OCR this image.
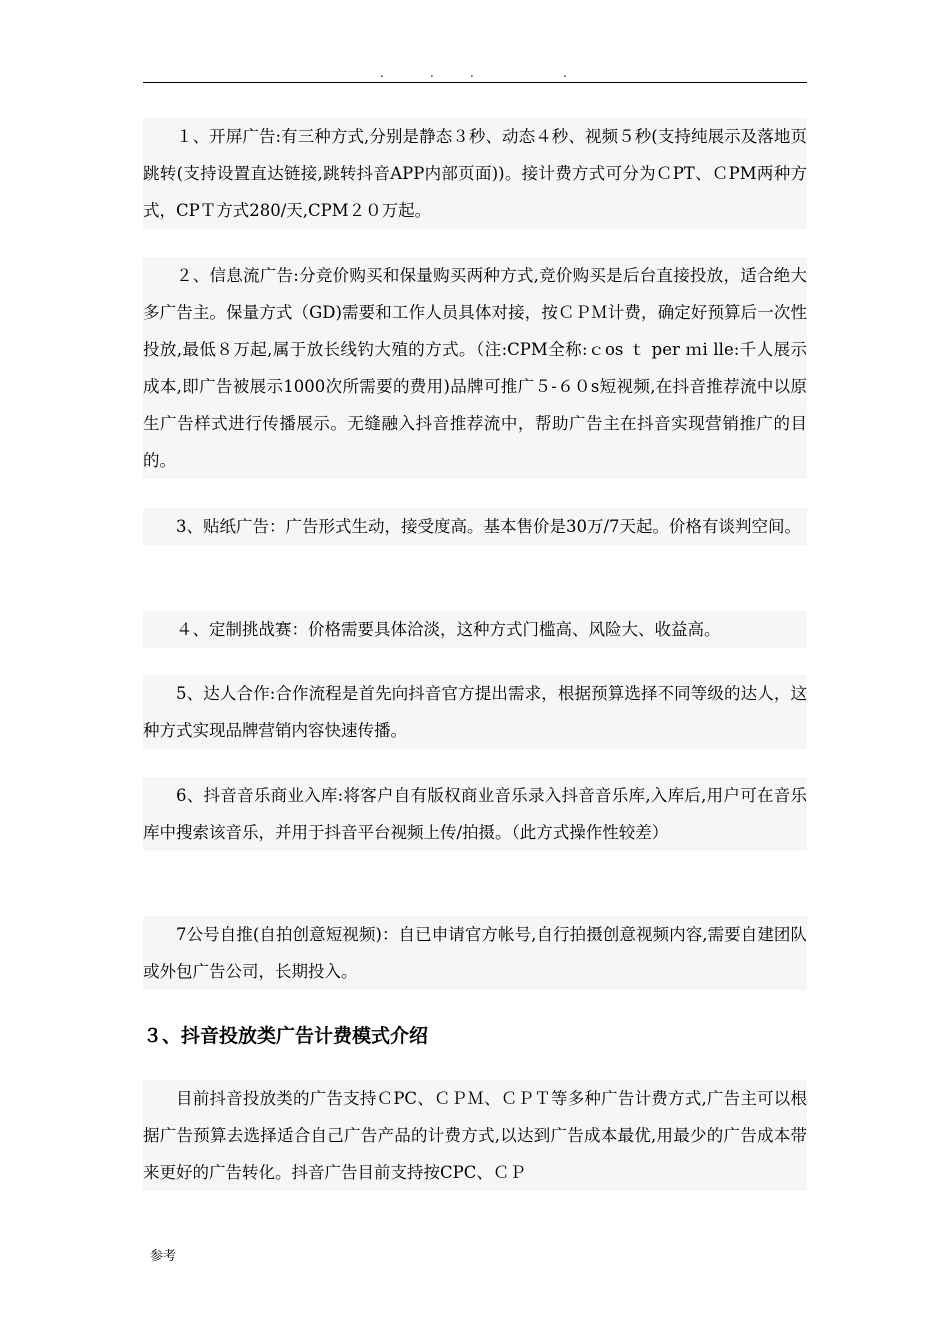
.	.	.	.

１、开屏广告:有三种方式,分别是静态３秒、动态４秒、视频５秒(支持纯展示及落地页跳转(支持设置直达链接,跳转抖音APP内部页面))。接计费方式可分为ＣPT、ＣPM两种方式，CPＴ方式280/天,CPM２０万起。

２、信息流广告:分竞价购买和保量购买两种方式,竞价购买是后台直接投放，适合绝大多广告主。保量方式（GD)需要和工作人员具体对接，按ＣＰＭ计费，确定好预算后一次性投放,最低８万起,属于放长线钓大殖的方式。（注:CPM全称:ｃos ｔ per ｍi lle:千人展示成本,即广告被展示1000次所需要的费用)品牌可推广５-６０s短视频,在抖音推荐流中以原生广告样式进行传播展示。无缝融入抖音推荐流中，帮助广告主在抖音实现营销推广的目的。

3、贴纸广告：广告形式生动，接受度高。基本售价是30万/7天起。价格有谈判空间。

４、定制挑战赛：价格需要具体洽淡，这种方式门槛高、风险大、收益高。

5、达人合作:合作流程是首先向抖音官方提出需求，根据预算选择不同等级的达人，这种方式实现品牌营销内容快速传播。

6、抖音音乐商业入库:将客户自有版权商业音乐录入抖音音乐库,入库后,用户可在音乐库中搜索该音乐，并用于抖音平台视频上传/拍摄。（此方式操作性较差）

7公号自推(自拍创意短视频)：自已申请官方帐号,自行拍摄创意视频内容,需要自建团队或外包广告公司，长期投入。

３、抖音投放类广告计费模式介绍

目前抖音投放类的广告支持ＣPC、ＣＰＭ、ＣＰＴ等多种广告计费方式,广告主可以根据广告预算去选择适合自己广告产品的计费方式,以达到广告成本最优,用最少的广告成本带来更好的广告转化。抖音广告目前支持按CPC、ＣＰ

参考
